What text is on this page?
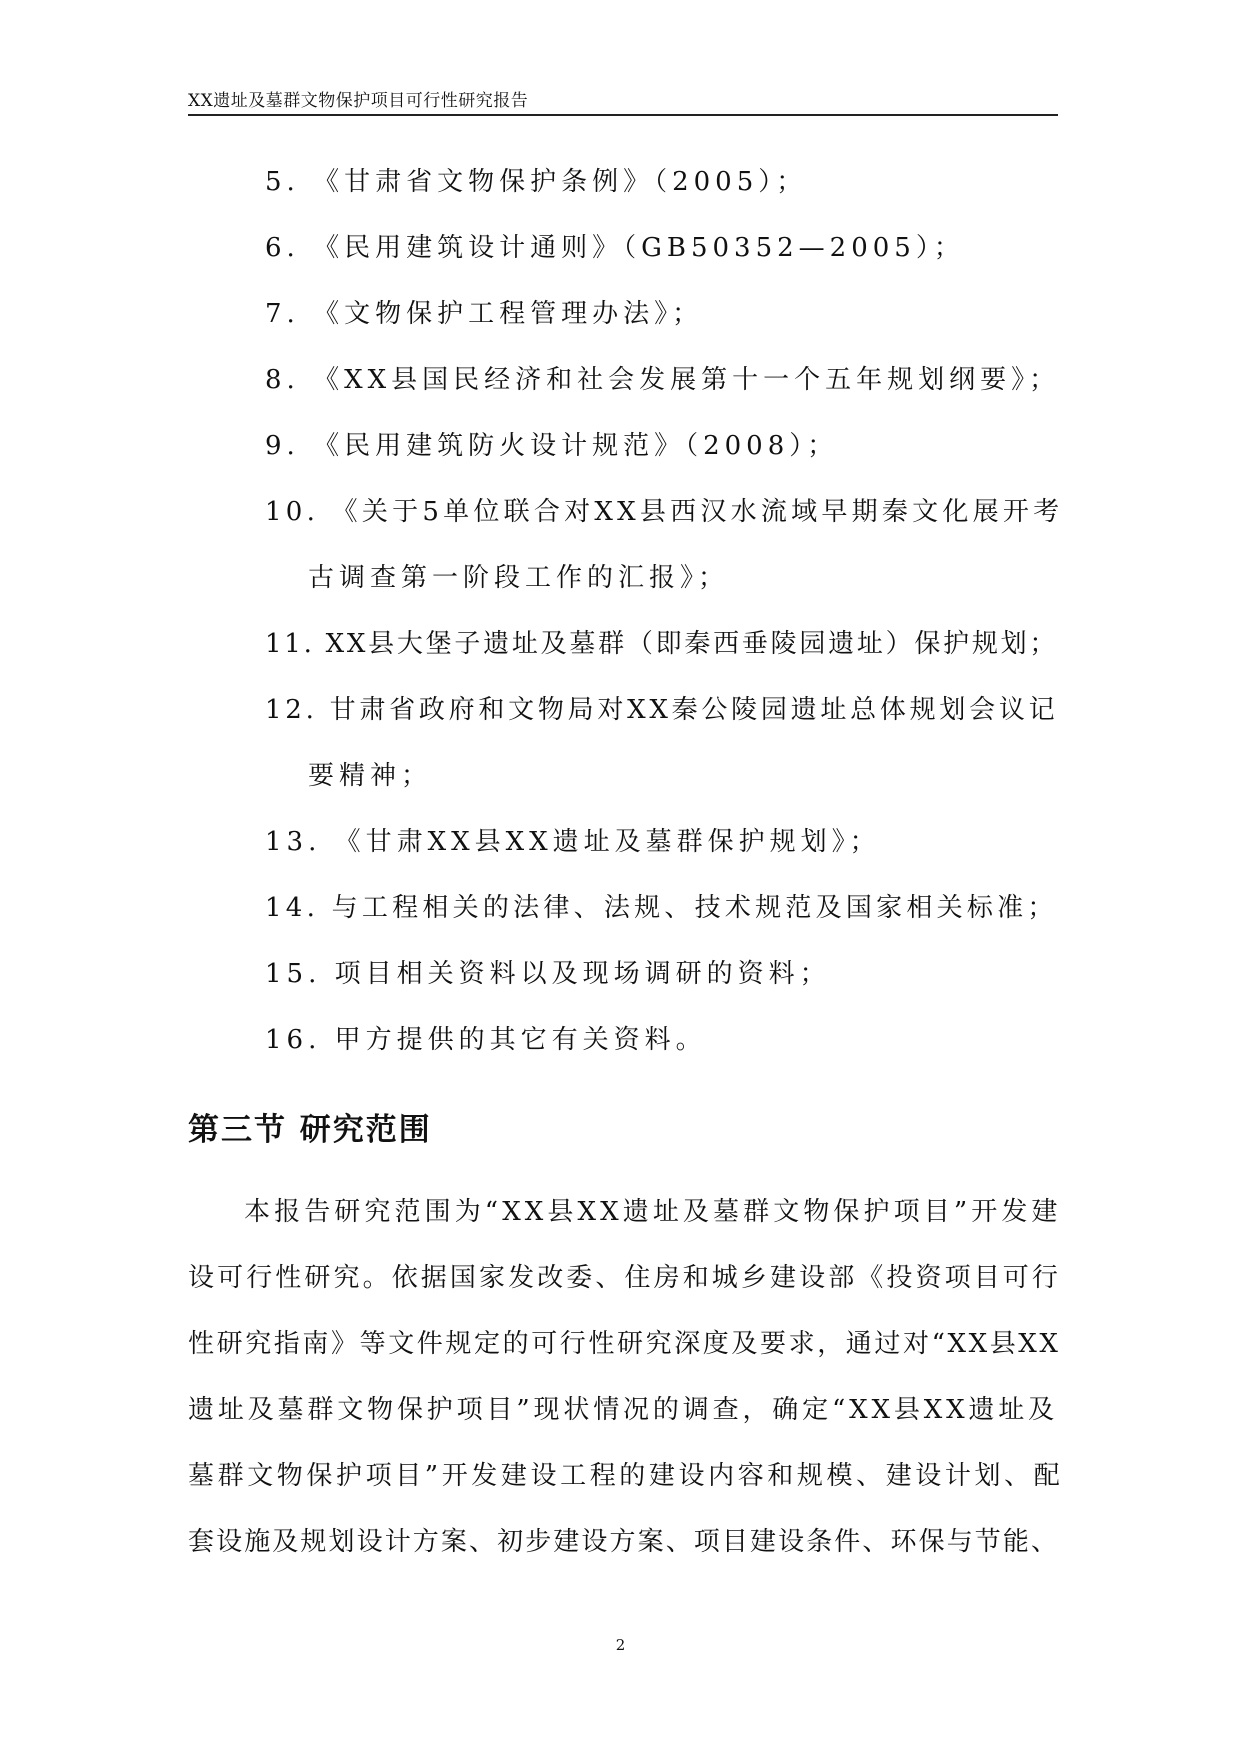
XX遗址及墓群文物保护项目可行性研究报告
5. 《甘肃省文物保护条例》（2005）；
6. 《民用建筑设计通则》（GB50352—2005）；
7. 《文物保护工程管理办法》；
8. 《XX县国民经济和社会发展第十一个五年规划纲要》；
9. 《民用建筑防火设计规范》（2008）；
10. 《关于5单位联合对XX县西汉水流域早期秦文化展开考
古调查第一阶段工作的汇报》；
11. XX县大堡子遗址及墓群（即秦西垂陵园遗址）保护规划；
12. 甘肃省政府和文物局对XX秦公陵园遗址总体规划会议记
要精神；
13. 《甘肃XX县XX遗址及墓群保护规划》；
14. 与工程相关的法律、法规、技术规范及国家相关标准；
15. 项目相关资料以及现场调研的资料；
16. 甲方提供的其它有关资料。
第三节 研究范围
本报告研究范围为“XX县XX遗址及墓群文物保护项目”开发建
设可行性研究。依据国家发改委、住房和城乡建设部《投资项目可行
性研究指南》等文件规定的可行性研究深度及要求，通过对“XX县XX
遗址及墓群文物保护项目”现状情况的调查，确定“XX县XX遗址及
墓群文物保护项目”开发建设工程的建设内容和规模、建设计划、配
套设施及规划设计方案、初步建设方案、项目建设条件、环保与节能、
2
